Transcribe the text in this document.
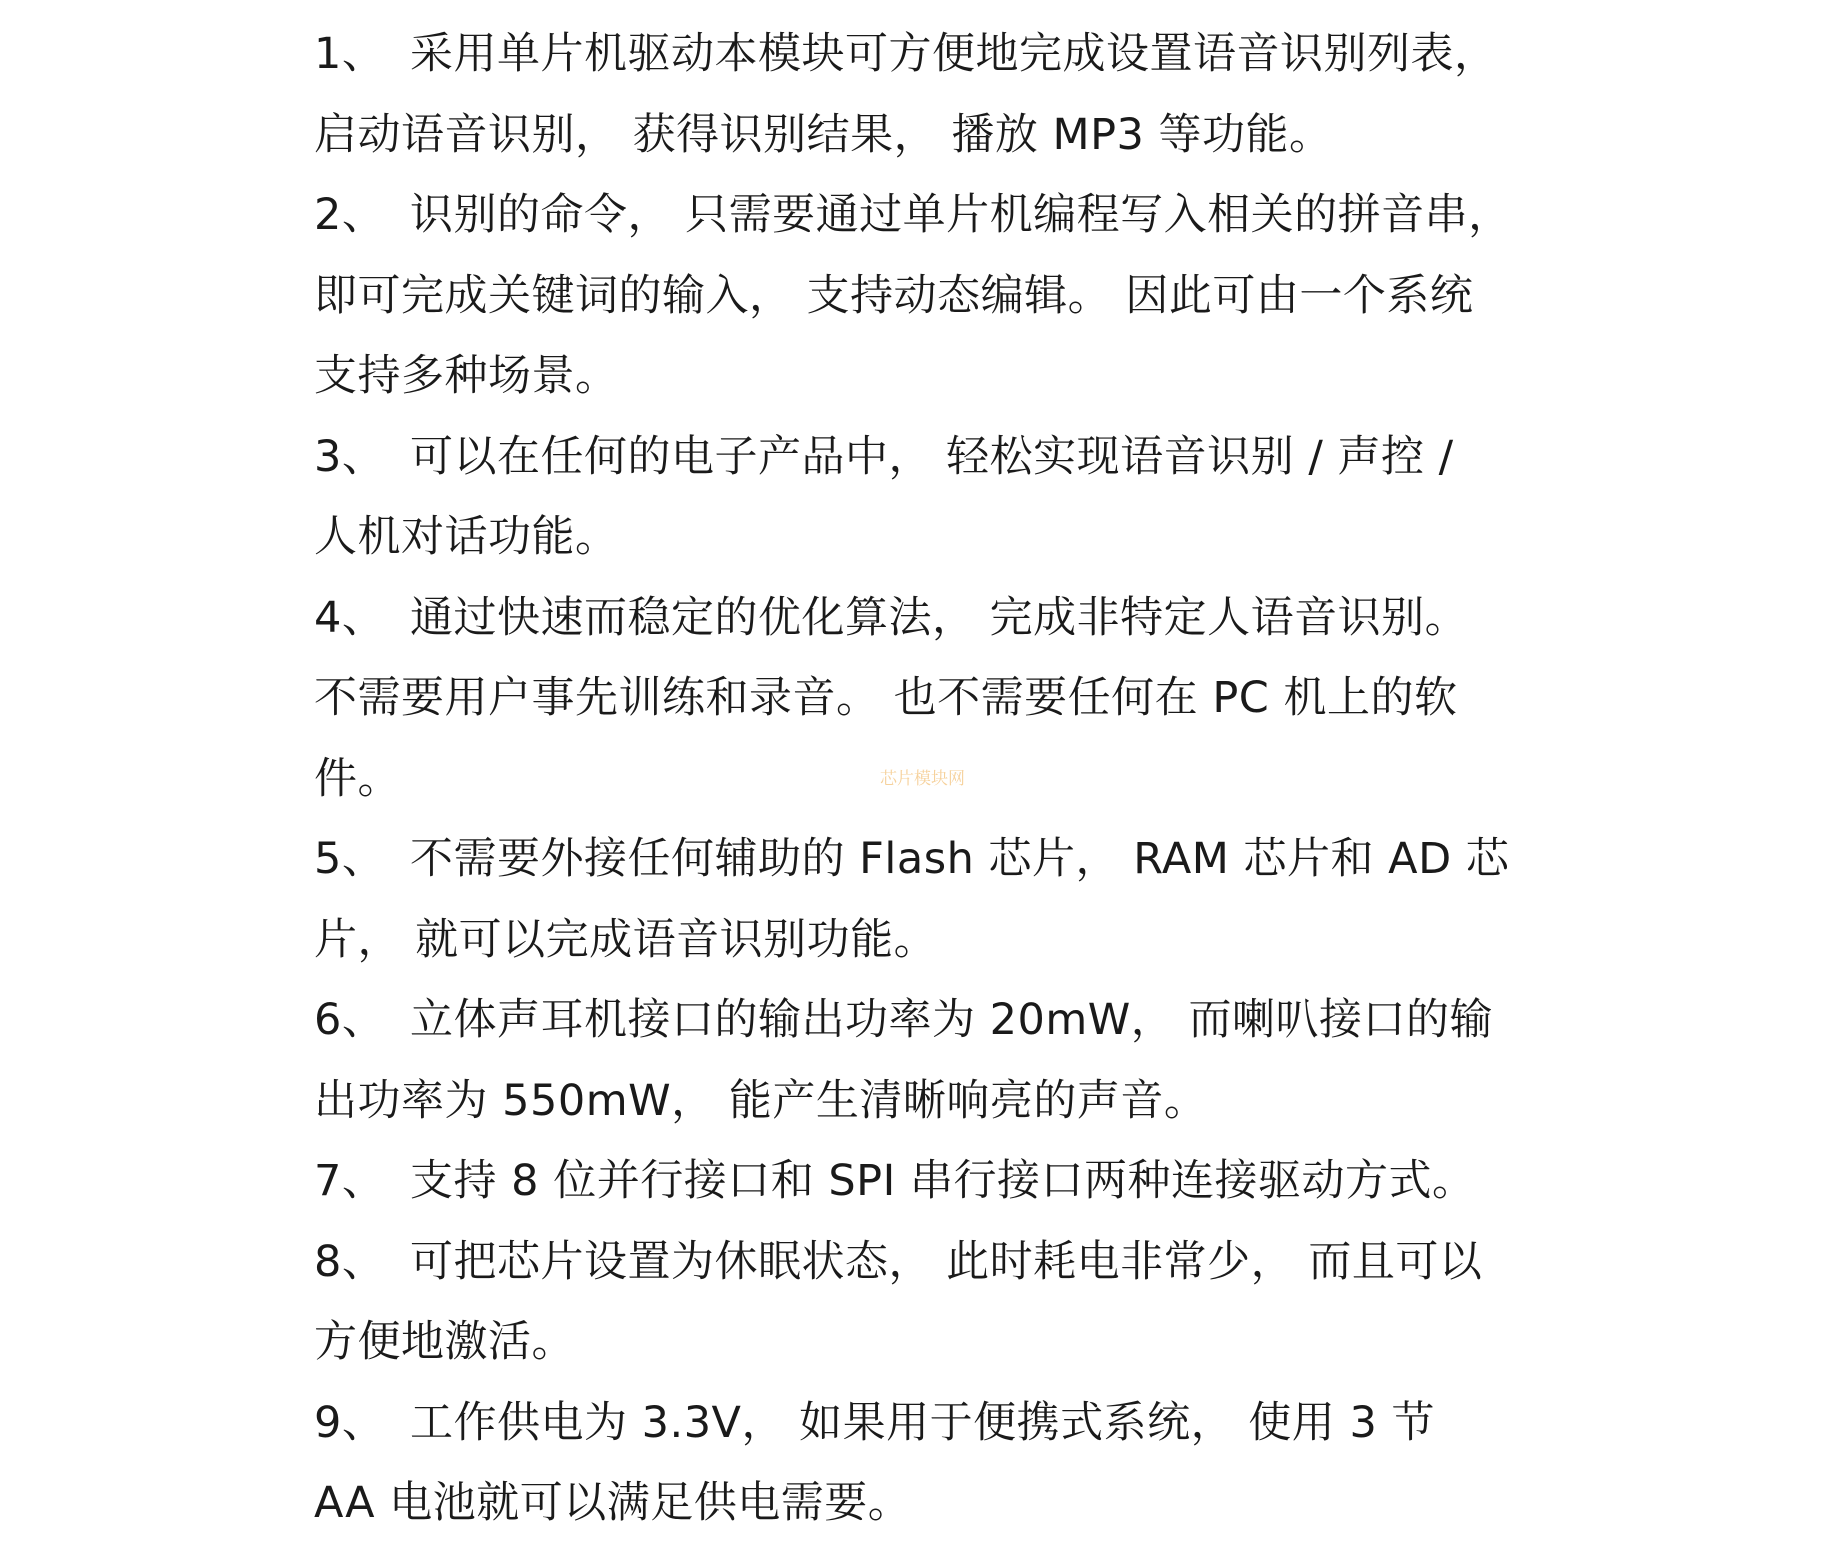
1、 采用单片机驱动本模块可方便地完成设置语音识别列表，
启动语音识别， 获得识别结果， 播放 MP3 等功能。
2、 识别的命令， 只需要通过单片机编程写入相关的拼音串，
即可完成关键词的输入， 支持动态编辑。 因此可由一个系统
支持多种场景。
3、 可以在任何的电子产品中， 轻松实现语音识别 / 声控 /
人机对话功能。
4、 通过快速而稳定的优化算法， 完成非特定人语音识别。
不需要用户事先训练和录音。 也不需要任何在 PC 机上的软
件。
5、 不需要外接任何辅助的 Flash 芯片， RAM 芯片和 AD 芯
片， 就可以完成语音识别功能。
6、 立体声耳机接口的输出功率为 20mW， 而喇叭接口的输
出功率为 550mW， 能产生清晰响亮的声音。
7、 支持 8 位并行接口和 SPI 串行接口两种连接驱动方式。
8、 可把芯片设置为休眠状态， 此时耗电非常少， 而且可以
方便地激活。
9、 工作供电为 3.3V， 如果用于便携式系统， 使用 3 节
AA 电池就可以满足供电需要。
芯片模块网
